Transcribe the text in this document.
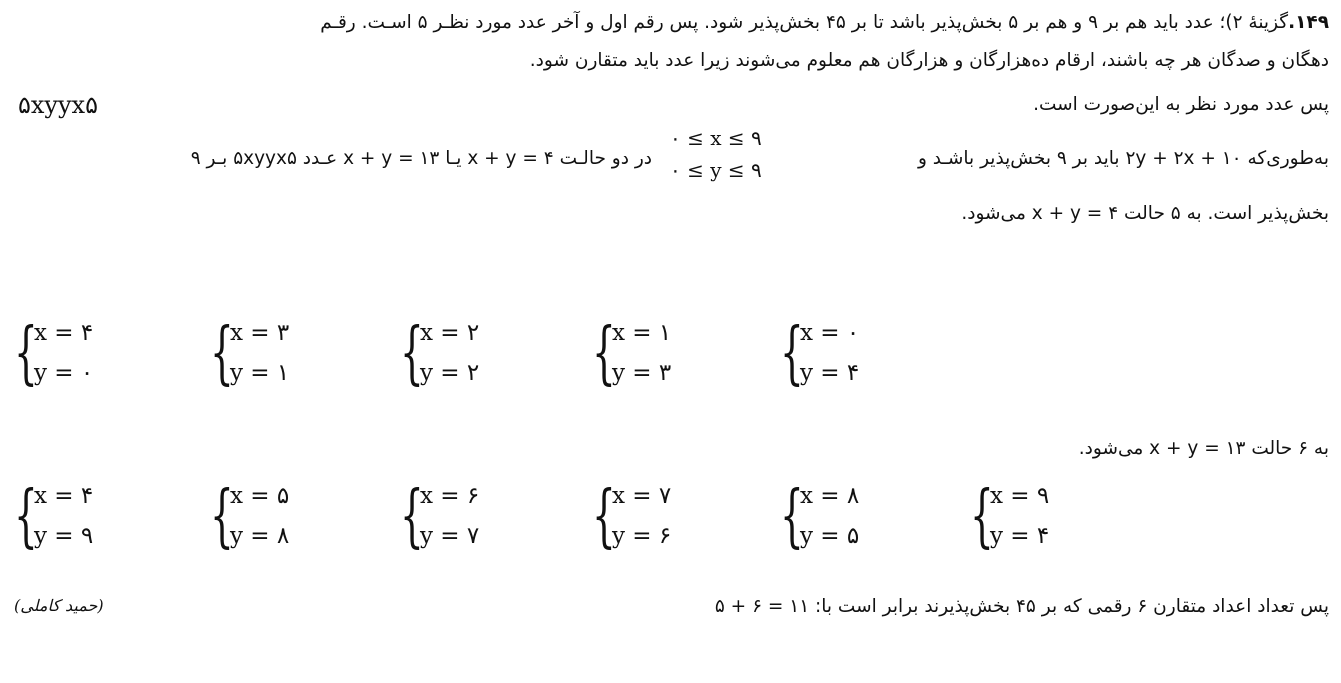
۱۴۹.گزینهٔ ۲)؛ عدد باید هم بر ۹ و هم بر ۵ بخش‌پذیر باشد تا بر ۴۵ بخش‌پذیر شود. پس رقم اول و آخر عدد مورد نظـر ۵ اسـت. رقـم
دهگان و صدگان هر چه باشند، ارقام ده‌هزارگان و هزارگان هم معلوم می‌شوند زیرا عدد باید متقارن شود.
پس عدد مورد نظر به این‌صورت است.
۵xyyx۵
به‌طوری‌که ۲y + ۲x + ۱۰ باید بر ۹ بخش‌پذیر باشـد و
۰ ≤ x ≤ ۹
۰ ≤ y ≤ ۹
در دو حالـت ۴ = x + y یـا ۱۳ = x + y عـدد ۵xyyx۵ بـر ۹
بخش‌پذیر است. به ۵ حالت ۴ = x + y می‌شود.
{
x = ۰
y = ۴
{
x = ۱
y = ۳
{
x = ۲
y = ۲
{
x = ۳
y = ۱
{
x = ۴
y = ۰
به ۶ حالت ۱۳ = x + y می‌شود.
{
x = ۹
y = ۴
{
x = ۸
y = ۵
{
x = ۷
y = ۶
{
x = ۶
y = ۷
{
x = ۵
y = ۸
{
x = ۴
y = ۹
پس تعداد اعداد متقارن ۶ رقمی که بر ۴۵ بخش‌پذیرند برابر است با: ۱۱ = ۶ + ۵
(حمید کاملی)
